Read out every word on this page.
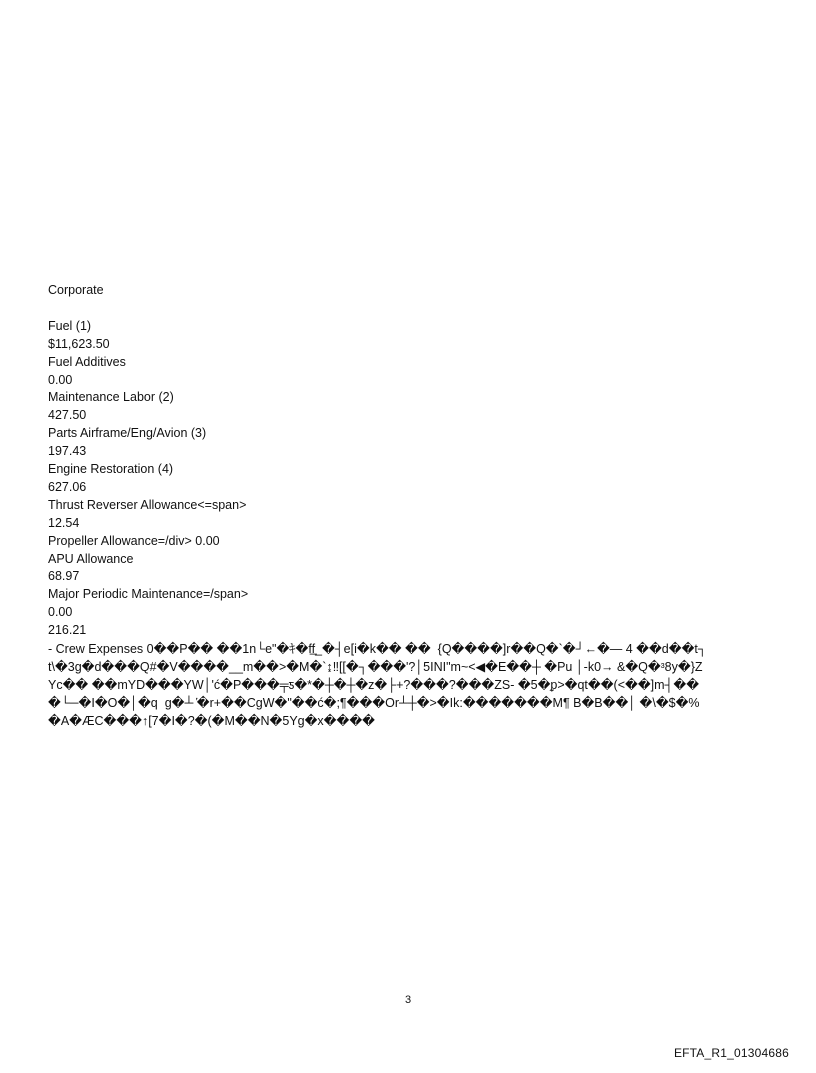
Corporate
Fuel (1)
$11,623.50
Fuel Additives
0.00
Maintenance Labor (2)
427.50
Parts Airframe/Eng/Avion (3)
197.43
Engine Restoration (4)
627.06
Thrust Reverser Allowance<=span>
12.54
Propeller Allowance=/div> 0.00
APU Allowance
68.97
Major Periodic Maintenance=/span>
0.00
216.21
- Crew Expenses 0��P�� ��1n└e"�ｷ�ff̲ ̲ �┤e[i�k�� ��  {Q����]r��Q�`�┘←�— 4 ��d��t┐t\�3g�d���Q#�V����__m��>�M�`↨‼[[�┐���'?│5INI"m~<◀�E��┼ �Pu │-k0→ &�Q�ᶟ8y�}ZYc�� ��mYD���YW│'ć�P���╤ƽ�*�┼�┼�z�├+?���?���ZS- �5�ᵱ>�qt��(<��]m┤���└─�I�O�│�q  g�┴ ҅�r+��CgW�"��ć�;¶���Or┴┼�>�Ik:�������M¶ B�B��│ �\�$�%�A�ÆC���↑[7�I�?�(�M��N�5Yg�x����
3
EFTA_R1_01304686
